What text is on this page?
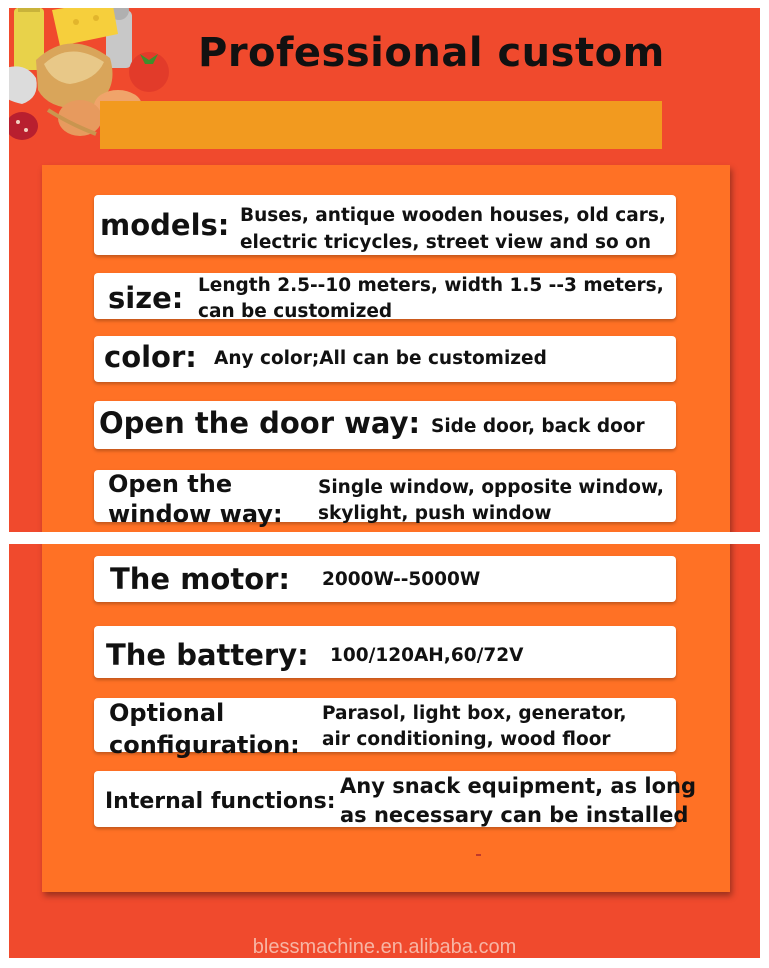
Professional custom
models: Buses, antique wooden houses, old cars,
electric tricycles, street view and so on
size: Length 2.5--10 meters, width 1.5 --3 meters,
can be customized
color: Any color;All can be customized
Open the door way: Side door, back door
Open the
window way:
Single window, opposite window,
skylight, push window
The motor: 2000W--5000W
The battery: 100/120AH,60/72V
Optional
configuration:
Parasol, light box, generator,
air conditioning, wood floor
Internal functions:
Any snack equipment, as long
as necessary can be installed
blessmachine.en.alibaba.com
